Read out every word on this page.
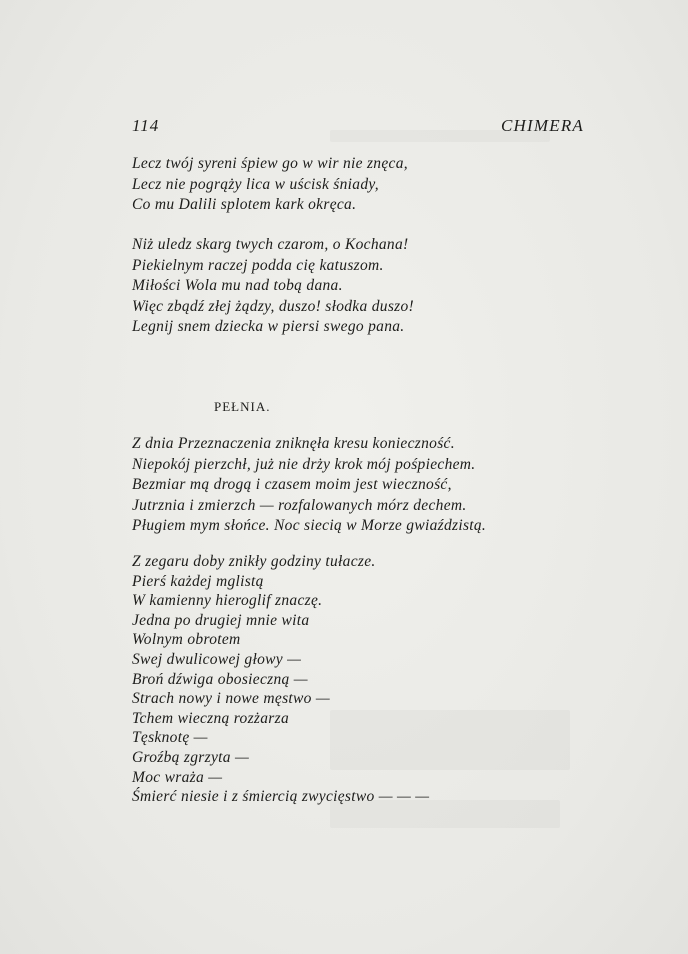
114	CHIMERA
Lecz twój syreni śpiew go w wir nie znęca,
Lecz nie pogrąży lica w uścisk śniady,
Co mu Dalili splotem kark okręca.
Niż uledz skarg twych czarom, o Kochana!
Piekielnym raczej podda cię katuszom.
Miłości Wola mu nad tobą dana.
Więc zbądź złej żądzy, duszo! słodka duszo!
Legnij snem dziecka w piersi swego pana.
PEŁNIA.
Z dnia Przeznaczenia zniknęła kresu konieczność.
Niepokój pierzchł, już nie drży krok mój pośpiechem.
Bezmiar mą drogą i czasem moim jest wieczność,
Jutrznia i zmierzch — rozfalowanych mórz dechem.
Pługiem mym słońce. Noc siecią w Morze gwiaździstą.
Z zegaru doby znikły godziny tułacze.
Pierś każdej mglistą
W kamienny hieroglif znaczę.
Jedna po drugiej mnie wita
Wolnym obrotem
Swej dwulicowej głowy —
Broń dźwiga obosieczną —
Strach nowy i nowe męstwo —
Tchem wieczną rozżarza
Tęsknotę —
Groźbą zgrzyta —
Moc wraża —
Śmierć niesie i z śmiercią zwycięstwo — — —
